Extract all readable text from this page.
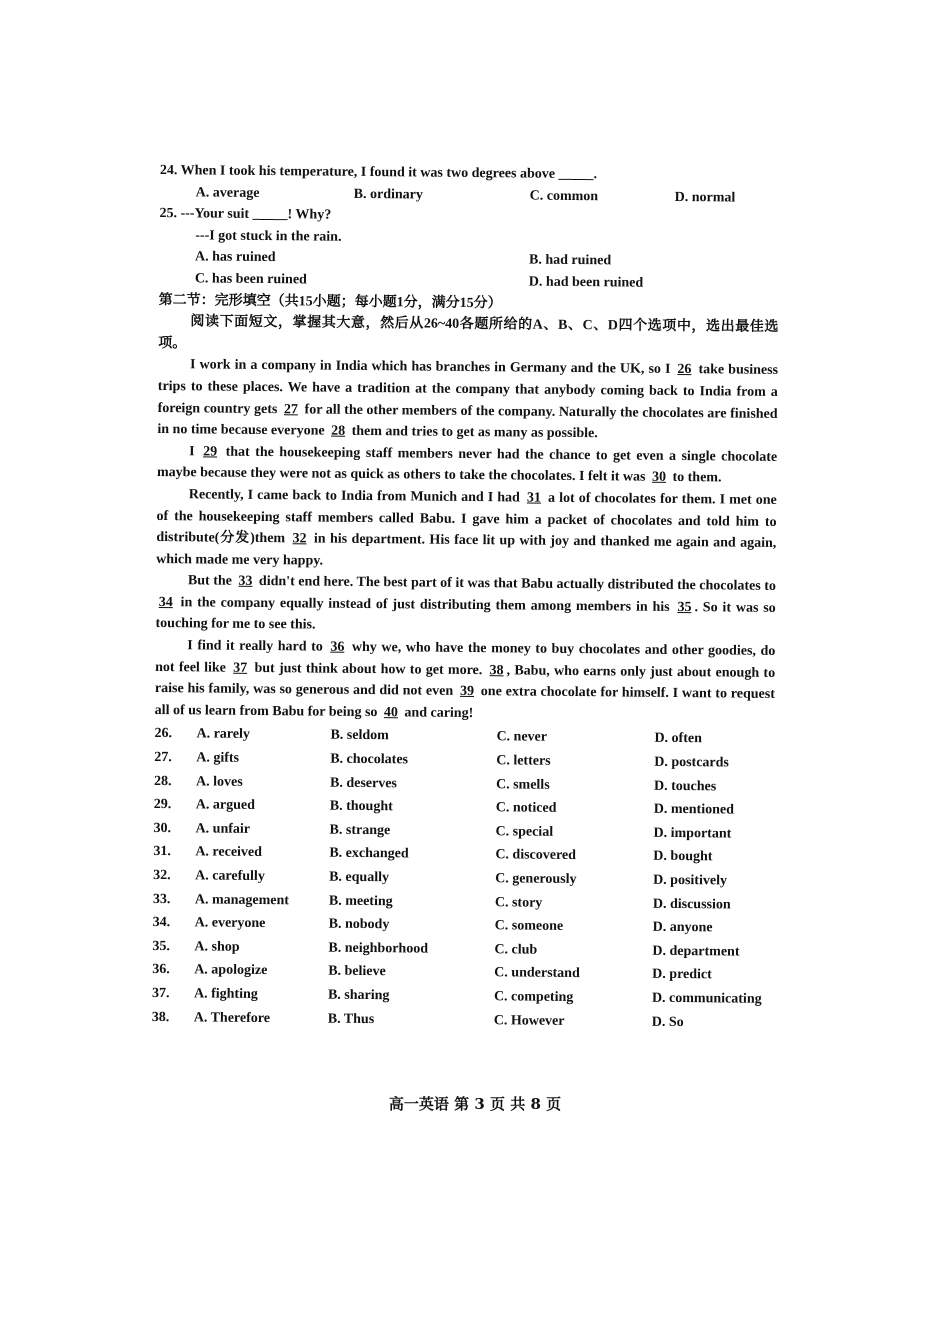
24. When I took his temperature, I found it was two degrees above _____.

A. average	B. ordinary	C. common	D. normal

25. ---Your suit _____! Why?

---I got stuck in the rain.

A. has ruined	B. had ruined
C. has been ruined	D. had been ruined

第二节：完形填空（共15小题；每小题1分，满分15分）

阅读下面短文，掌握其大意，然后从26~40各题所给的A、B、C、D四个选项中，选出最佳选项。

I work in a company in India which has branches in Germany and the UK, so I 26 take business trips to these places. We have a tradition at the company that anybody coming back to India from a foreign country gets 27 for all the other members of the company. Naturally the chocolates are finished in no time because everyone 28 them and tries to get as many as possible.

I 29 that the housekeeping staff members never had the chance to get even a single chocolate maybe because they were not as quick as others to take the chocolates. I felt it was 30 to them.

Recently, I came back to India from Munich and I had 31 a lot of chocolates for them. I met one of the housekeeping staff members called Babu. I gave him a packet of chocolates and told him to distribute(分发)them 32 in his department. His face lit up with joy and thanked me again and again, which made me very happy.

But the 33 didn't end here. The best part of it was that Babu actually distributed the chocolates to 34 in the company equally instead of just distributing them among members in his 35 . So it was so touching for me to see this.

I find it really hard to 36 why we, who have the money to buy chocolates and other goodies, do not feel like 37 but just think about how to get more. 38 , Babu, who earns only just about enough to raise his family, was so generous and did not even 39 one extra chocolate for himself. I want to request all of us learn from Babu for being so 40 and caring!

26. A. rarely	B. seldom	C. never	D. often
27. A. gifts	B. chocolates	C. letters	D. postcards
28. A. loves	B. deserves	C. smells	D. touches
29. A. argued	B. thought	C. noticed	D. mentioned
30. A. unfair	B. strange	C. special	D. important
31. A. received	B. exchanged	C. discovered	D. bought
32. A. carefully	B. equally	C. generously	D. positively
33. A. management	B. meeting	C. story	D. discussion
34. A. everyone	B. nobody	C. someone	D. anyone
35. A. shop	B. neighborhood	C. club	D. department
36. A. apologize	B. believe	C. understand	D. predict
37. A. fighting	B. sharing	C. competing	D. communicating
38. A. Therefore	B. Thus	C. However	D. So
高一英语 第 3 页 共 8 页
